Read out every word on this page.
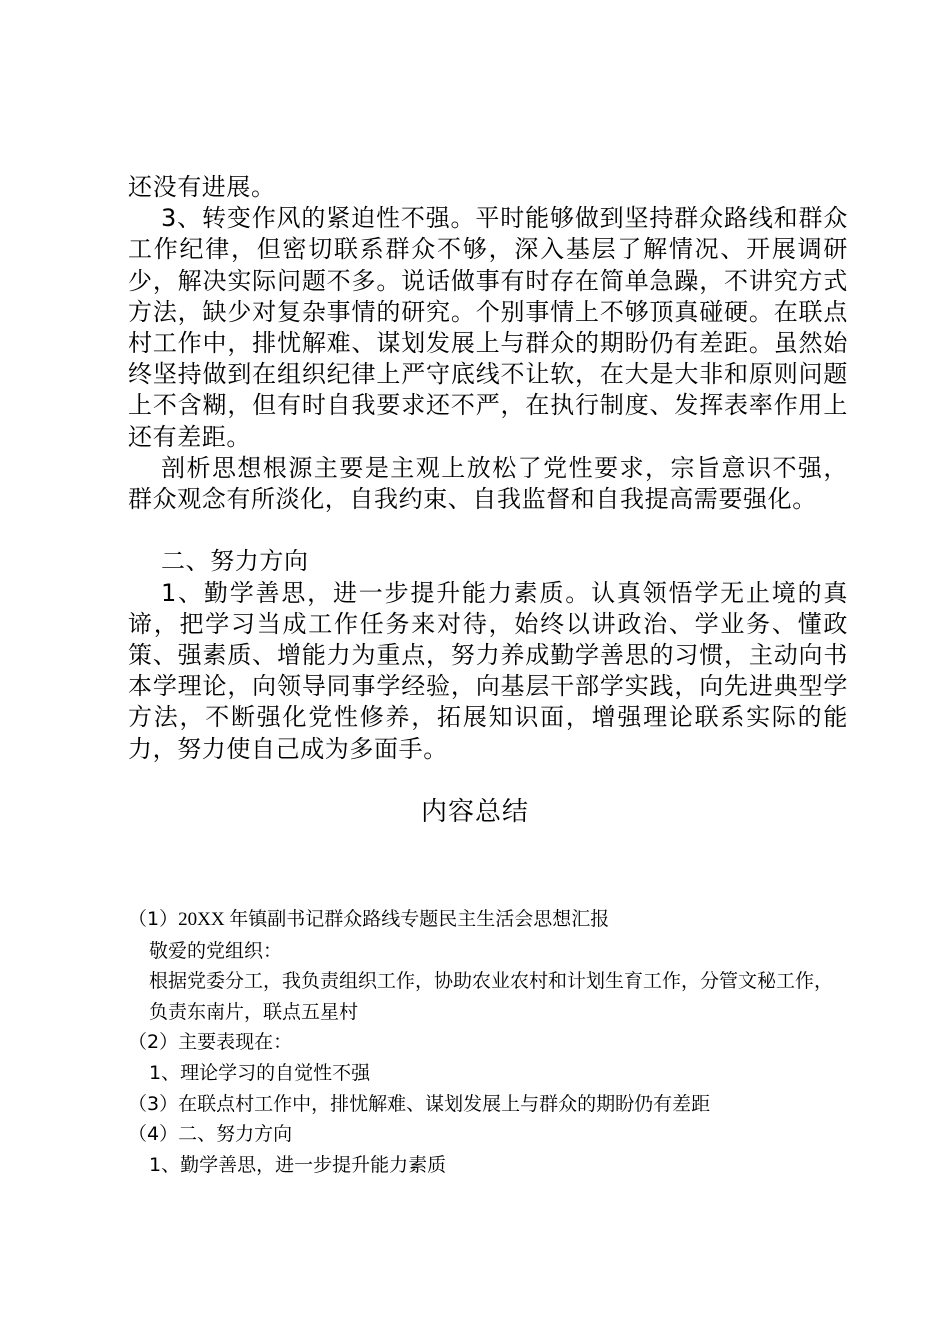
还没有进展。

3、转变作风的紧迫性不强。平时能够做到坚持群众路线和群众工作纪律，但密切联系群众不够，深入基层了解情况、开展调研少，解决实际问题不多。说话做事有时存在简单急躁，不讲究方式方法，缺少对复杂事情的研究。个别事情上不够顶真碰硬。在联点村工作中，排忧解难、谋划发展上与群众的期盼仍有差距。虽然始终坚持做到在组织纪律上严守底线不让软，在大是大非和原则问题上不含糊，但有时自我要求还不严，在执行制度、发挥表率作用上还有差距。

剖析思想根源主要是主观上放松了党性要求，宗旨意识不强，群众观念有所淡化，自我约束、自我监督和自我提高需要强化。

二、努力方向

1、勤学善思，进一步提升能力素质。认真领悟学无止境的真谛，把学习当成工作任务来对待，始终以讲政治、学业务、懂政策、强素质、增能力为重点，努力养成勤学善思的习惯，主动向书本学理论，向领导同事学经验，向基层干部学实践，向先进典型学方法，不断强化党性修养，拓展知识面，增强理论联系实际的能力，努力使自己成为多面手。

内容总结

（1）20XX 年镇副书记群众路线专题民主生活会思想汇报

敬爱的党组织：

根据党委分工，我负责组织工作，协助农业农村和计划生育工作，分管文秘工作，负责东南片，联点五星村

（2）主要表现在：

1、理论学习的自觉性不强

（3）在联点村工作中，排忧解难、谋划发展上与群众的期盼仍有差距

（4）二、努力方向

1、勤学善思，进一步提升能力素质
